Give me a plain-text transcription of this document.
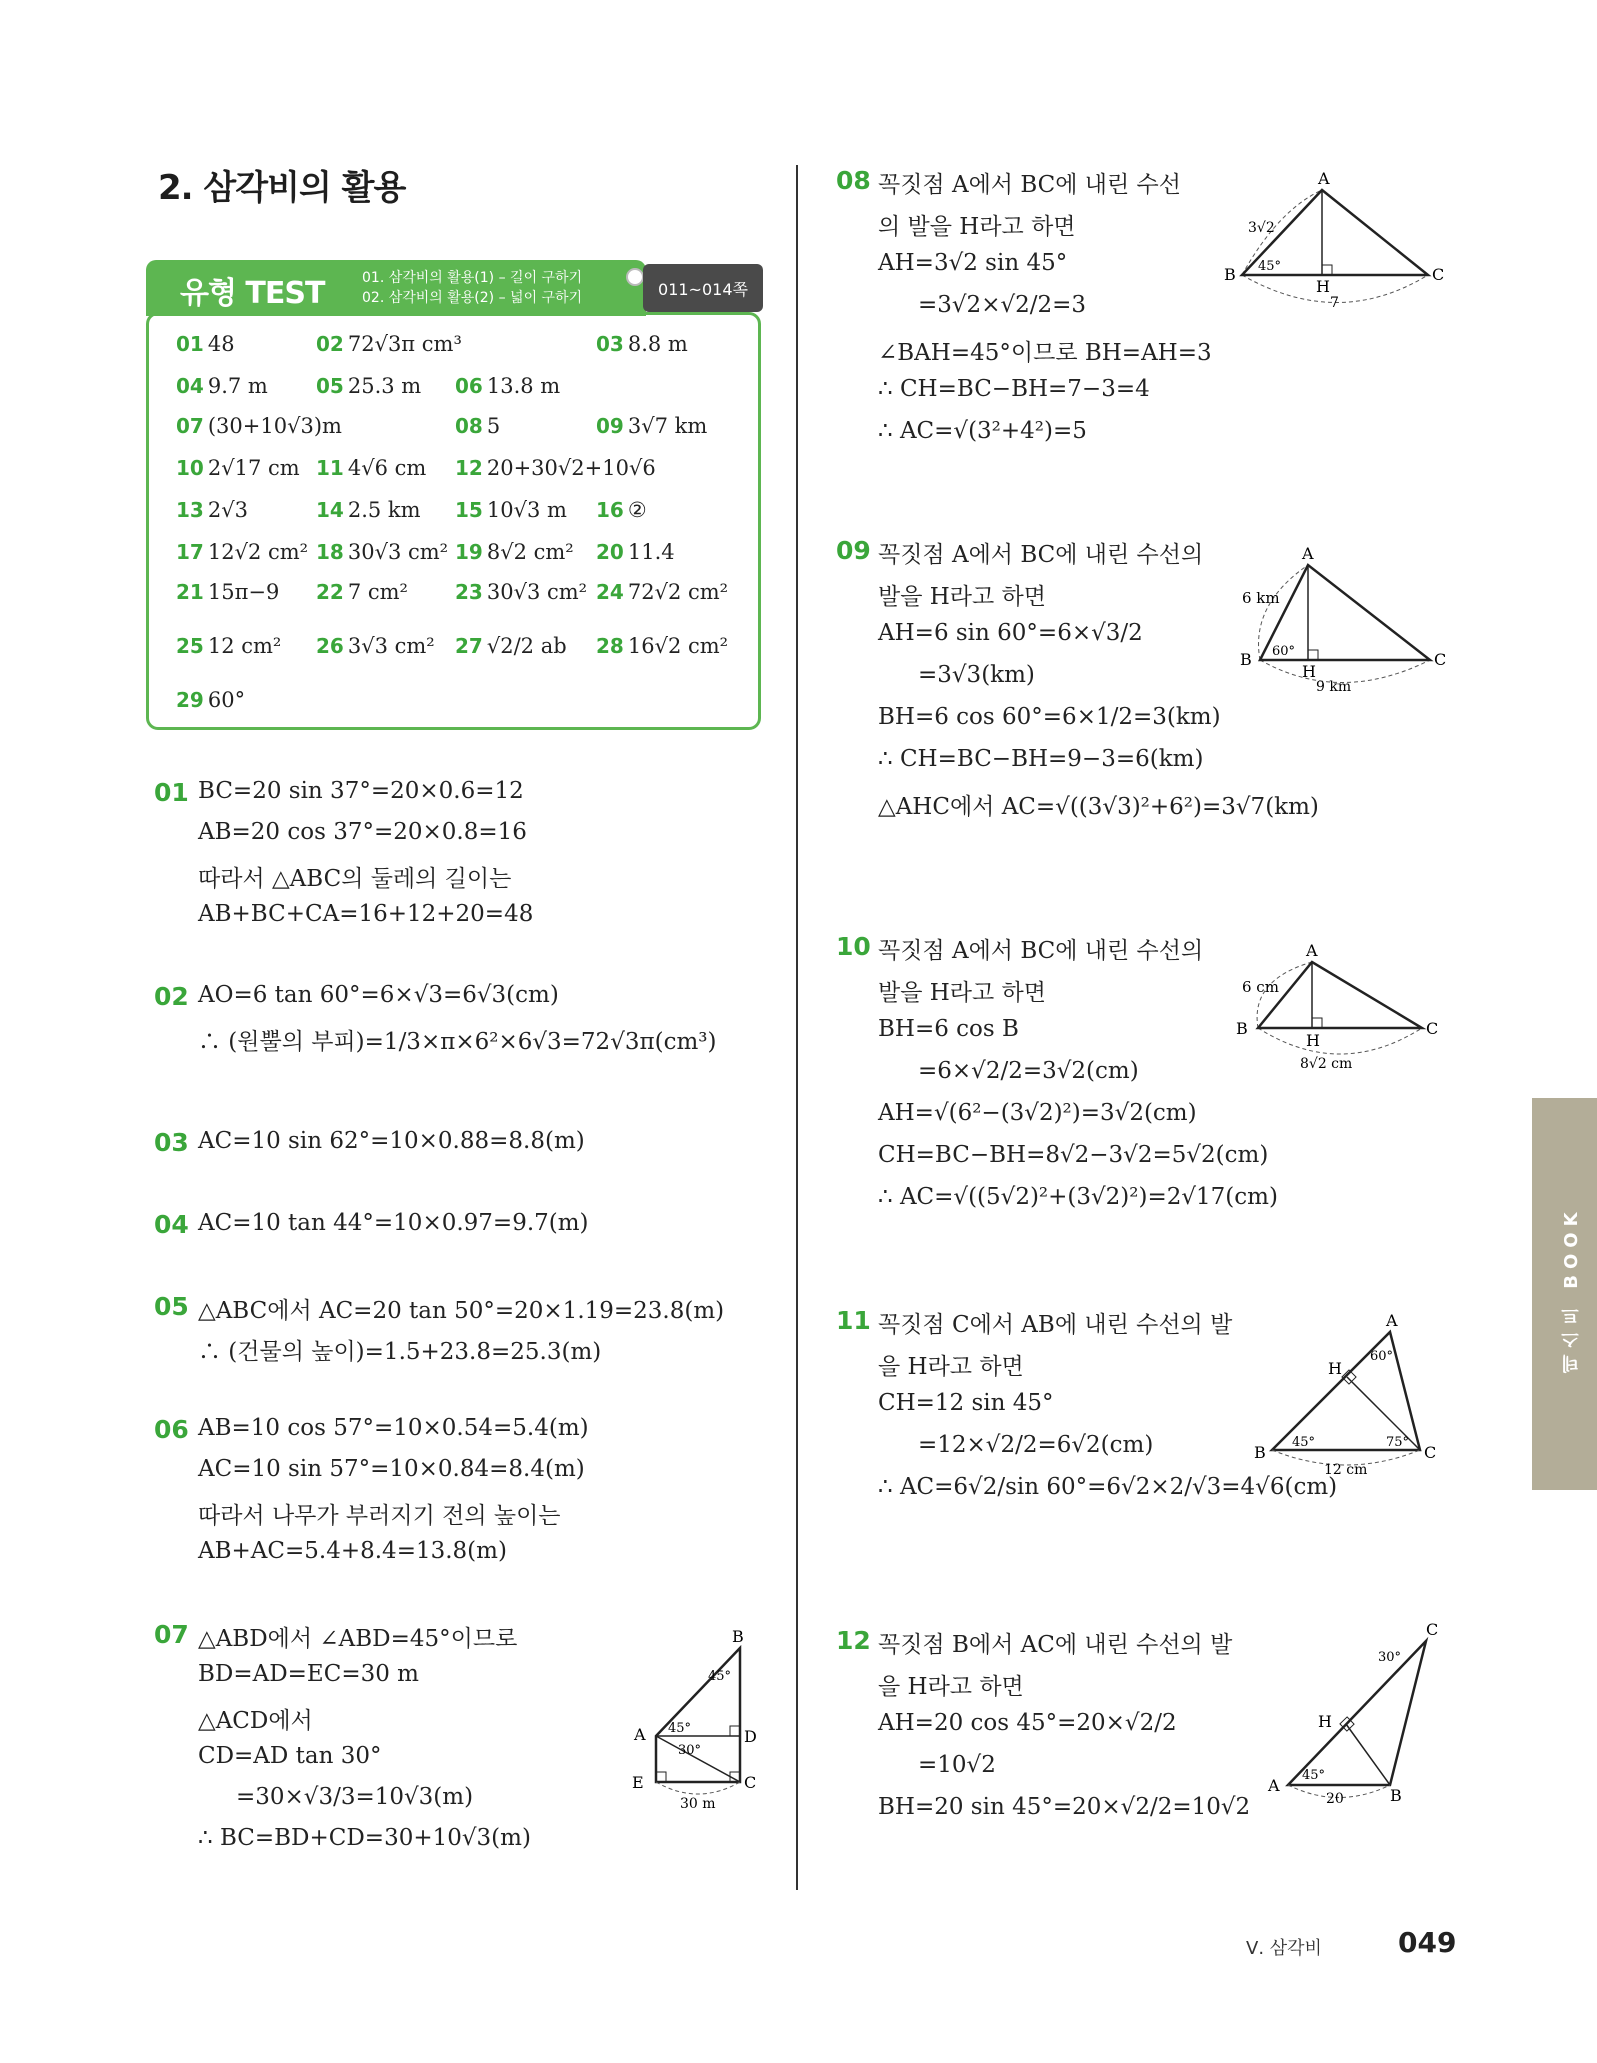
2. 삼각비의 활용
유형 TEST	01. 삼각비의 활용(1) – 길이 구하기
02. 삼각비의 활용(2) – 넓이 구하기	011~014쪽
01 48	02 72√3π cm³	03 8.8 m
04 9.7 m 05 25.3 m 06 13.8 m
07 (30+10√3)m	08 5	09 3√7 km
10 2√17 cm 11 4√6 cm 12 20+30√2+10√6
13 2√3	14 2.5 km 15 10√3 m 16 ②
17 12√2 cm² 18 30√3 cm² 19 8√2 cm² 20 11.4
21 15π−9 22 7 cm² 23 30√3 cm² 24 72√2 cm²
25 12 cm² 26 3√3 cm² 27 √2/2 ab 28 16√2 cm²
29 60°
01 BC=20 sin 37°=20×0.6=12
AB=20 cos 37°=20×0.8=16
따라서 △ABC의 둘레의 길이는
AB+BC+CA=16+12+20=48
02 AO=6 tan 60°=6×√3=6√3(cm)
∴ (원뿔의 부피)=1/3×π×6²×6√3=72√3π(cm³)
03 AC=10 sin 62°=10×0.88=8.8(m)
04 AC=10 tan 44°=10×0.97=9.7(m)
05 △ABC에서 AC=20 tan 50°=20×1.19=23.8(m)
∴ (건물의 높이)=1.5+23.8=25.3(m)
06 AB=10 cos 57°=10×0.54=5.4(m)
AC=10 sin 57°=10×0.84=8.4(m)
따라서 나무가 부러지기 전의 높이는
AB+AC=5.4+8.4=13.8(m)
07 △ABD에서 ∠ABD=45°이므로
BD=AD=EC=30 m
△ACD에서
CD=AD tan 30°
=30×√3/3=10√3(m)
∴ BC=BD+CD=30+10√3(m)
08 꼭짓점 A에서 BC에 내린 수선
의 발을 H라고 하면
AH=3√2 sin 45°
=3√2×√2/2=3
∠BAH=45°이므로 BH=AH=3
∴ CH=BC−BH=7−3=4
∴ AC=√(3²+4²)=5
09 꼭짓점 A에서 BC에 내린 수선의
발을 H라고 하면
AH=6 sin 60°=6×√3/2
=3√3(km)
BH=6 cos 60°=6×1/2=3(km)
∴ CH=BC−BH=9−3=6(km)
△AHC에서 AC=√((3√3)²+6²)=3√7(km)
10 꼭짓점 A에서 BC에 내린 수선의
발을 H라고 하면
BH=6 cos B
=6×√2/2=3√2(cm)
AH=√(6²−(3√2)²)=3√2(cm)
CH=BC−BH=8√2−3√2=5√2(cm)
∴ AC=√((5√2)²+(3√2)²)=2√17(cm)
11 꼭짓점 C에서 AB에 내린 수선의 발
을 H라고 하면
CH=12 sin 45°
=12×√2/2=6√2(cm)
∴ AC=6√2/sin 60°=6√2×2/√3=4√6(cm)
12 꼭짓점 B에서 AC에 내린 수선의 발
을 H라고 하면
AH=20 cos 45°=20×√2/2
=10√2
BH=20 sin 45°=20×√2/2=10√2
A
B	C
H
3√2
45°
7
A
B	C
H
6 km
60°
9 km
A
B	C
H
6 cm
8√2 cm
A
B	C
H
60°
45°	75°
12 cm
C
A
B
H
45°
30°
20
B
A	D
E	C
45°
45°
30°
30 m
테스트 BOOK
Ⅴ. 삼각비	049
